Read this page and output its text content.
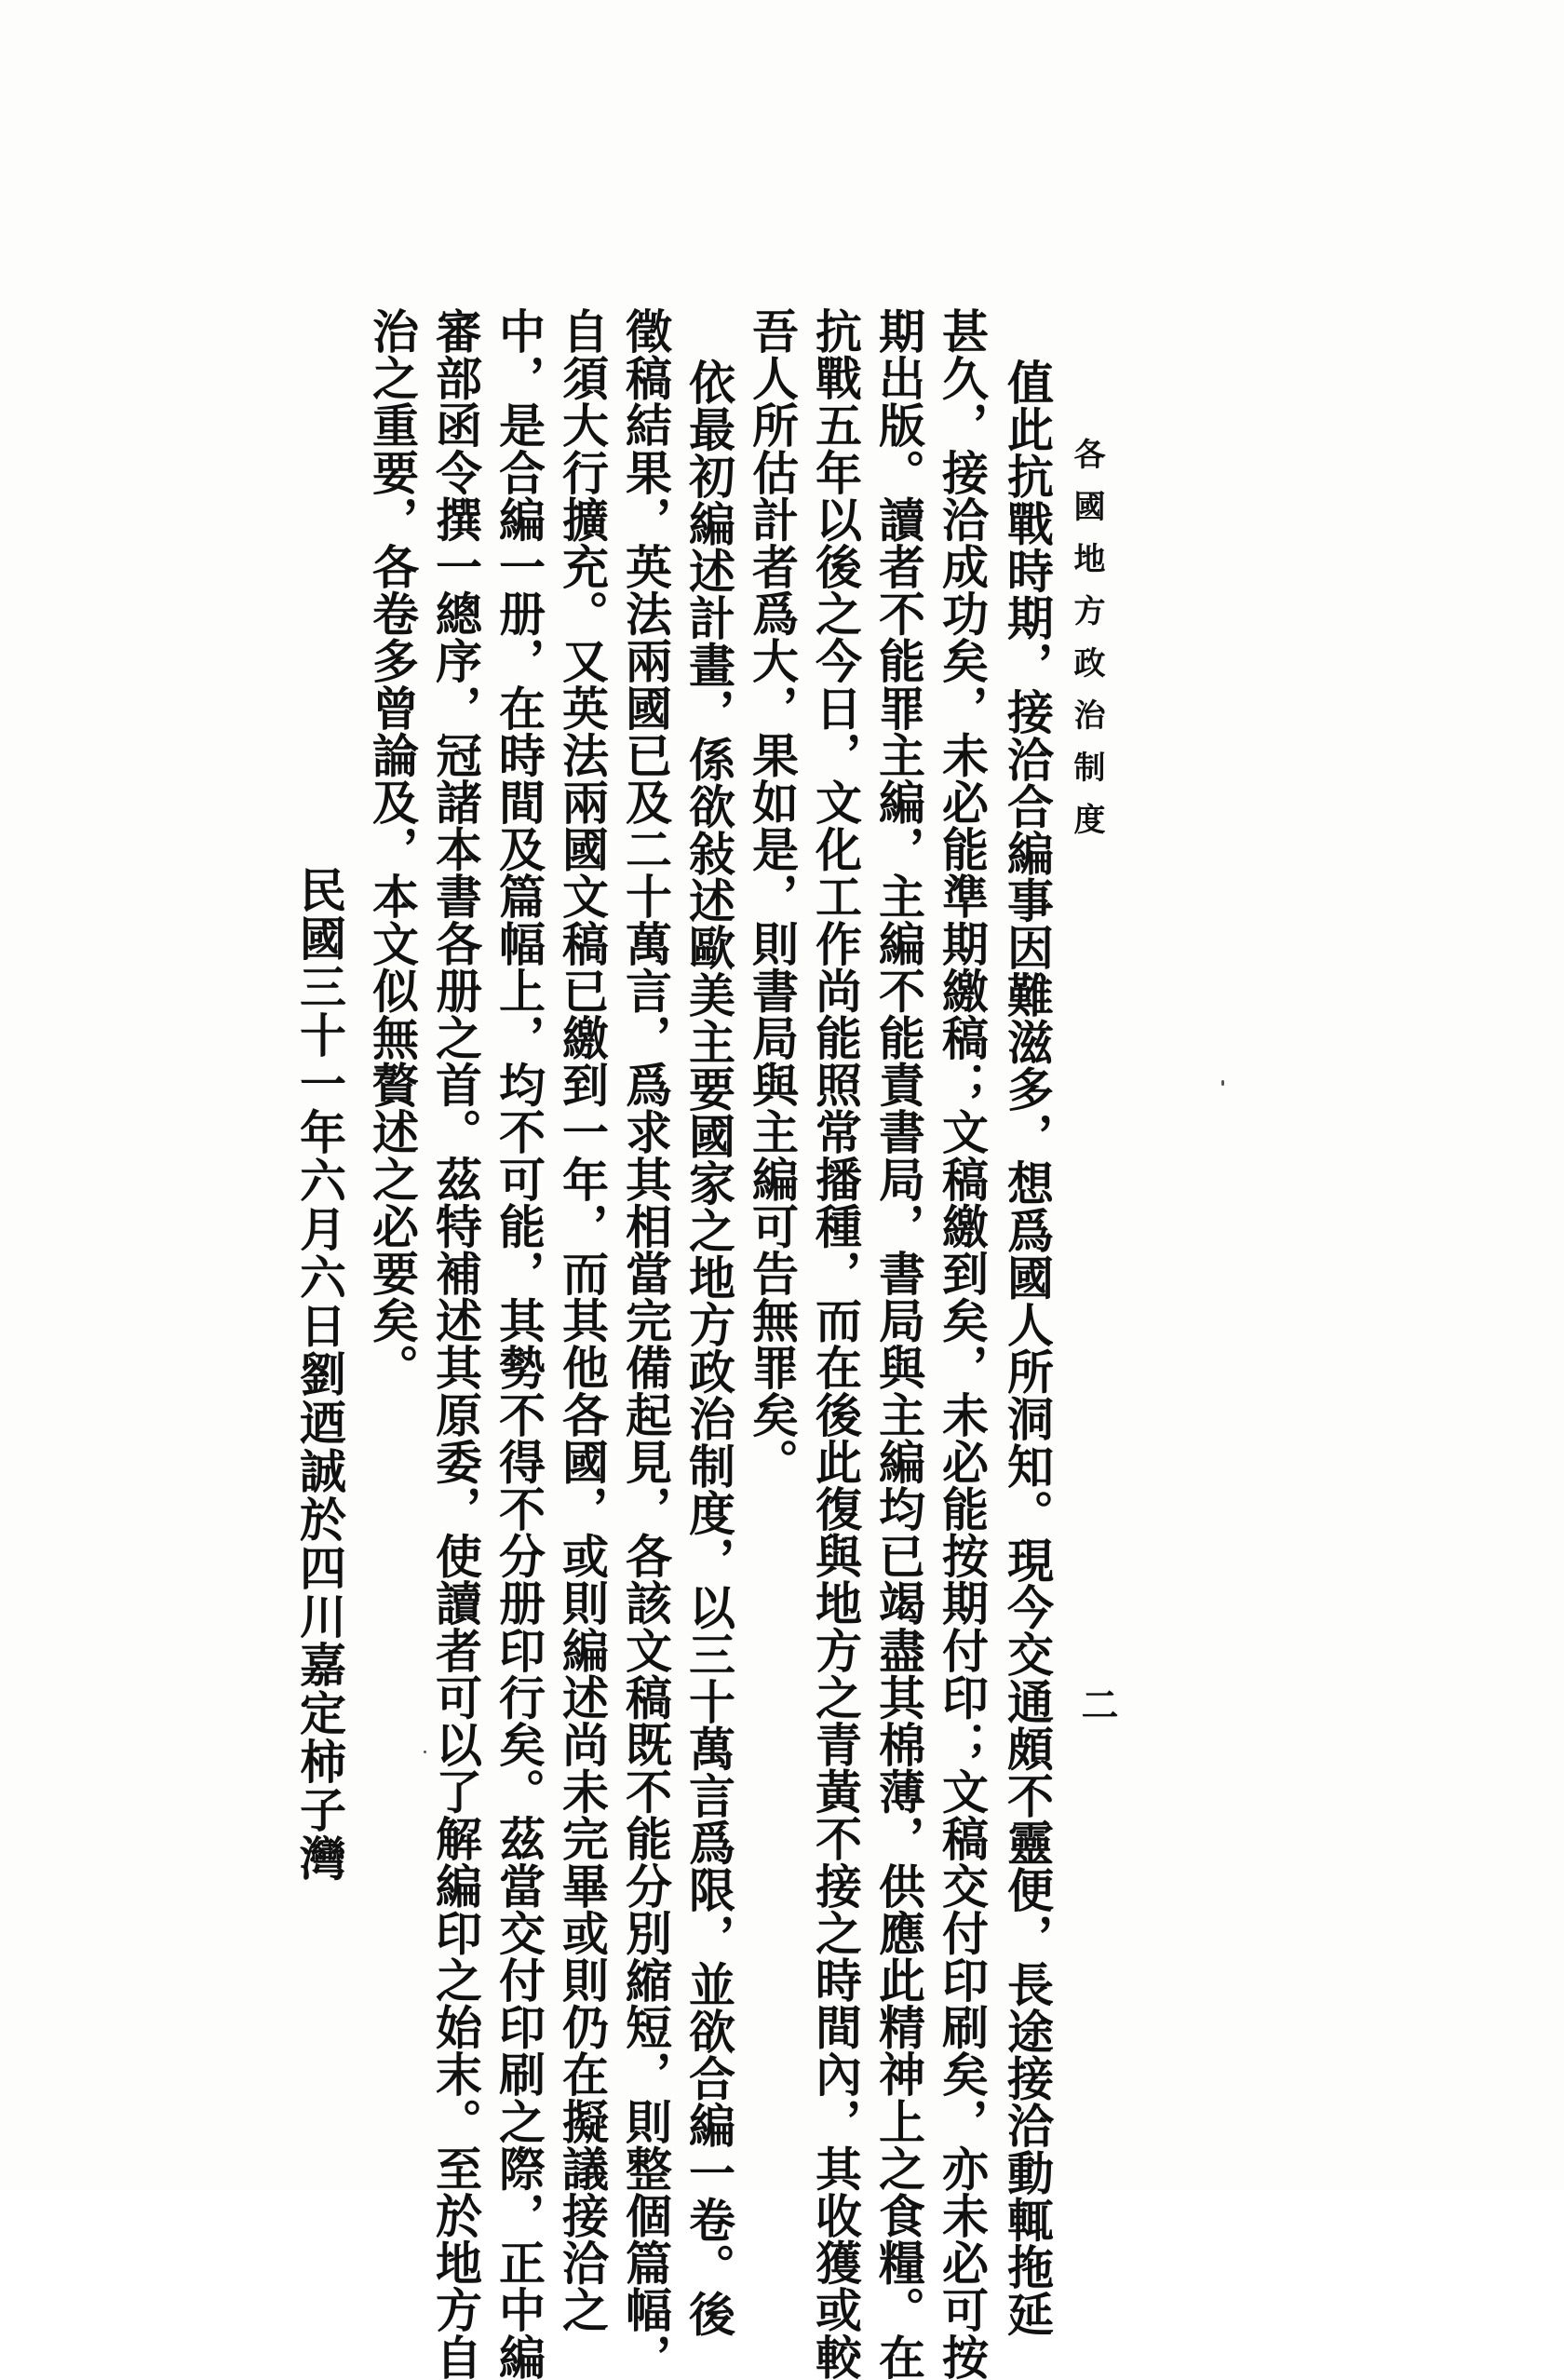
各國地方政治制度
二
值此抗戰時期，接洽合編事因難滋多，想爲國人所洞知。現今交通頗不靈便，長途接洽動輒拖延
甚久，接洽成功矣，未必能準期繳稿；文稿繳到矣，未必能按期付印；文稿交付印刷矣，亦未必可按
期出版。讀者不能罪主編，主編不能責書局，書局與主編均已竭盡其棉薄，供應此精神上之食糧。在
抗戰五年以後之今日，文化工作尚能照常播種，而在後此復與地方之青黃不接之時間內，其收獲或較
吾人所估計者爲大，果如是，則書局與主編可告無罪矣。
依最初編述計畫，係欲敍述歐美主要國家之地方政治制度，以三十萬言爲限，並欲合編一卷。後
徵稿結果，英法兩國已及二十萬言，爲求其相當完備起見，各該文稿既不能分別縮短，則整個篇幅，
自須大行擴充。又英法兩國文稿已繳到一年，而其他各國，或則編述尚未完畢或則仍在擬議接洽之
中，是合編一册，在時間及篇幅上，均不可能，其勢不得不分册印行矣。茲當交付印刷之際，正中編
審部函令撰一總序，冠諸本書各册之首。茲特補述其原委，使讀者可以了解編印之始末。至於地方自
治之重要，各卷多曾論及，本文似無贅述之必要矣。
民國三十一年六月六日劉迺誠於四川嘉定柿子灣
